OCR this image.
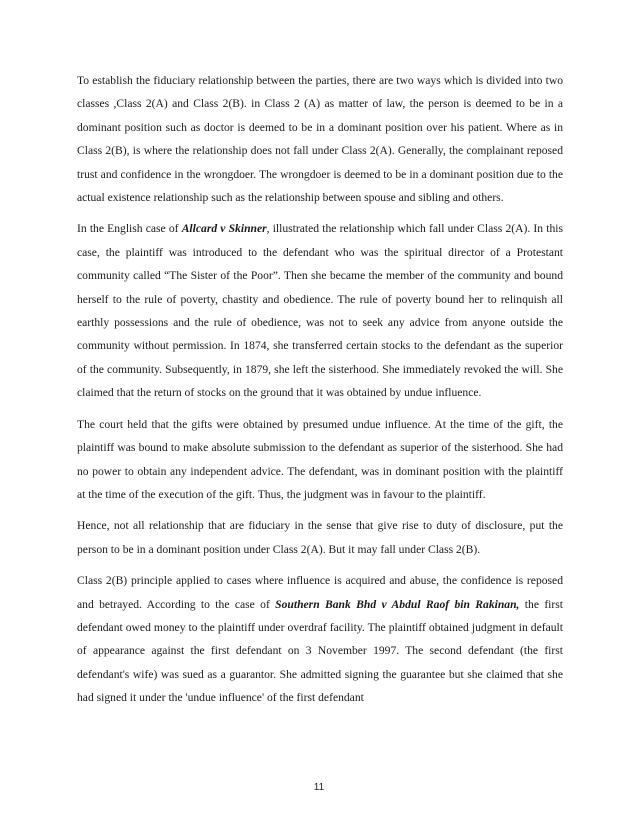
To establish the fiduciary relationship between the parties, there are two ways which is divided into two classes ,Class 2(A) and Class 2(B). in Class 2 (A) as matter of law, the person is deemed to be in a dominant position such as doctor is deemed to be in a dominant position over his patient. Where as in Class 2(B), is where the relationship does not fall under Class 2(A). Generally, the complainant reposed trust and confidence in the wrongdoer. The wrongdoer is deemed to be in a dominant position due to the actual existence relationship such as the relationship between spouse and sibling and others.

In the English case of Allcard v Skinner, illustrated the relationship which fall under Class 2(A). In this case, the plaintiff was introduced to the defendant who was the spiritual director of a Protestant community called “The Sister of the Poor”. Then she became the member of the community and bound herself to the rule of poverty, chastity and obedience. The rule of poverty bound her to relinquish all earthly possessions and the rule of obedience, was not to seek any advice from anyone outside the community without permission. In 1874, she transferred certain stocks to the defendant as the superior of the community. Subsequently, in 1879, she left the sisterhood. She immediately revoked the will. She claimed that the return of stocks on the ground that it was obtained by undue influence.

The court held that the gifts were obtained by presumed undue influence. At the time of the gift, the plaintiff was bound to make absolute submission to the defendant as superior of the sisterhood. She had no power to obtain any independent advice. The defendant, was in dominant position with the plaintiff at the time of the execution of the gift. Thus, the judgment was in favour to the plaintiff.

Hence, not all relationship that are fiduciary in the sense that give rise to duty of disclosure, put the person to be in a dominant position under Class 2(A). But it may fall under Class 2(B).

Class 2(B) principle applied to cases where influence is acquired and abuse, the confidence is reposed and betrayed. According to the case of Southern Bank Bhd v Abdul Raof bin Rakinan, the first defendant owed money to the plaintiff under overdraf facility. The plaintiff obtained judgment in default of appearance against the first defendant on 3 November 1997. The second defendant (the first defendant's wife) was sued as a guarantor. She admitted signing the guarantee but she claimed that she had signed it under the 'undue influence' of the first defendant

11
